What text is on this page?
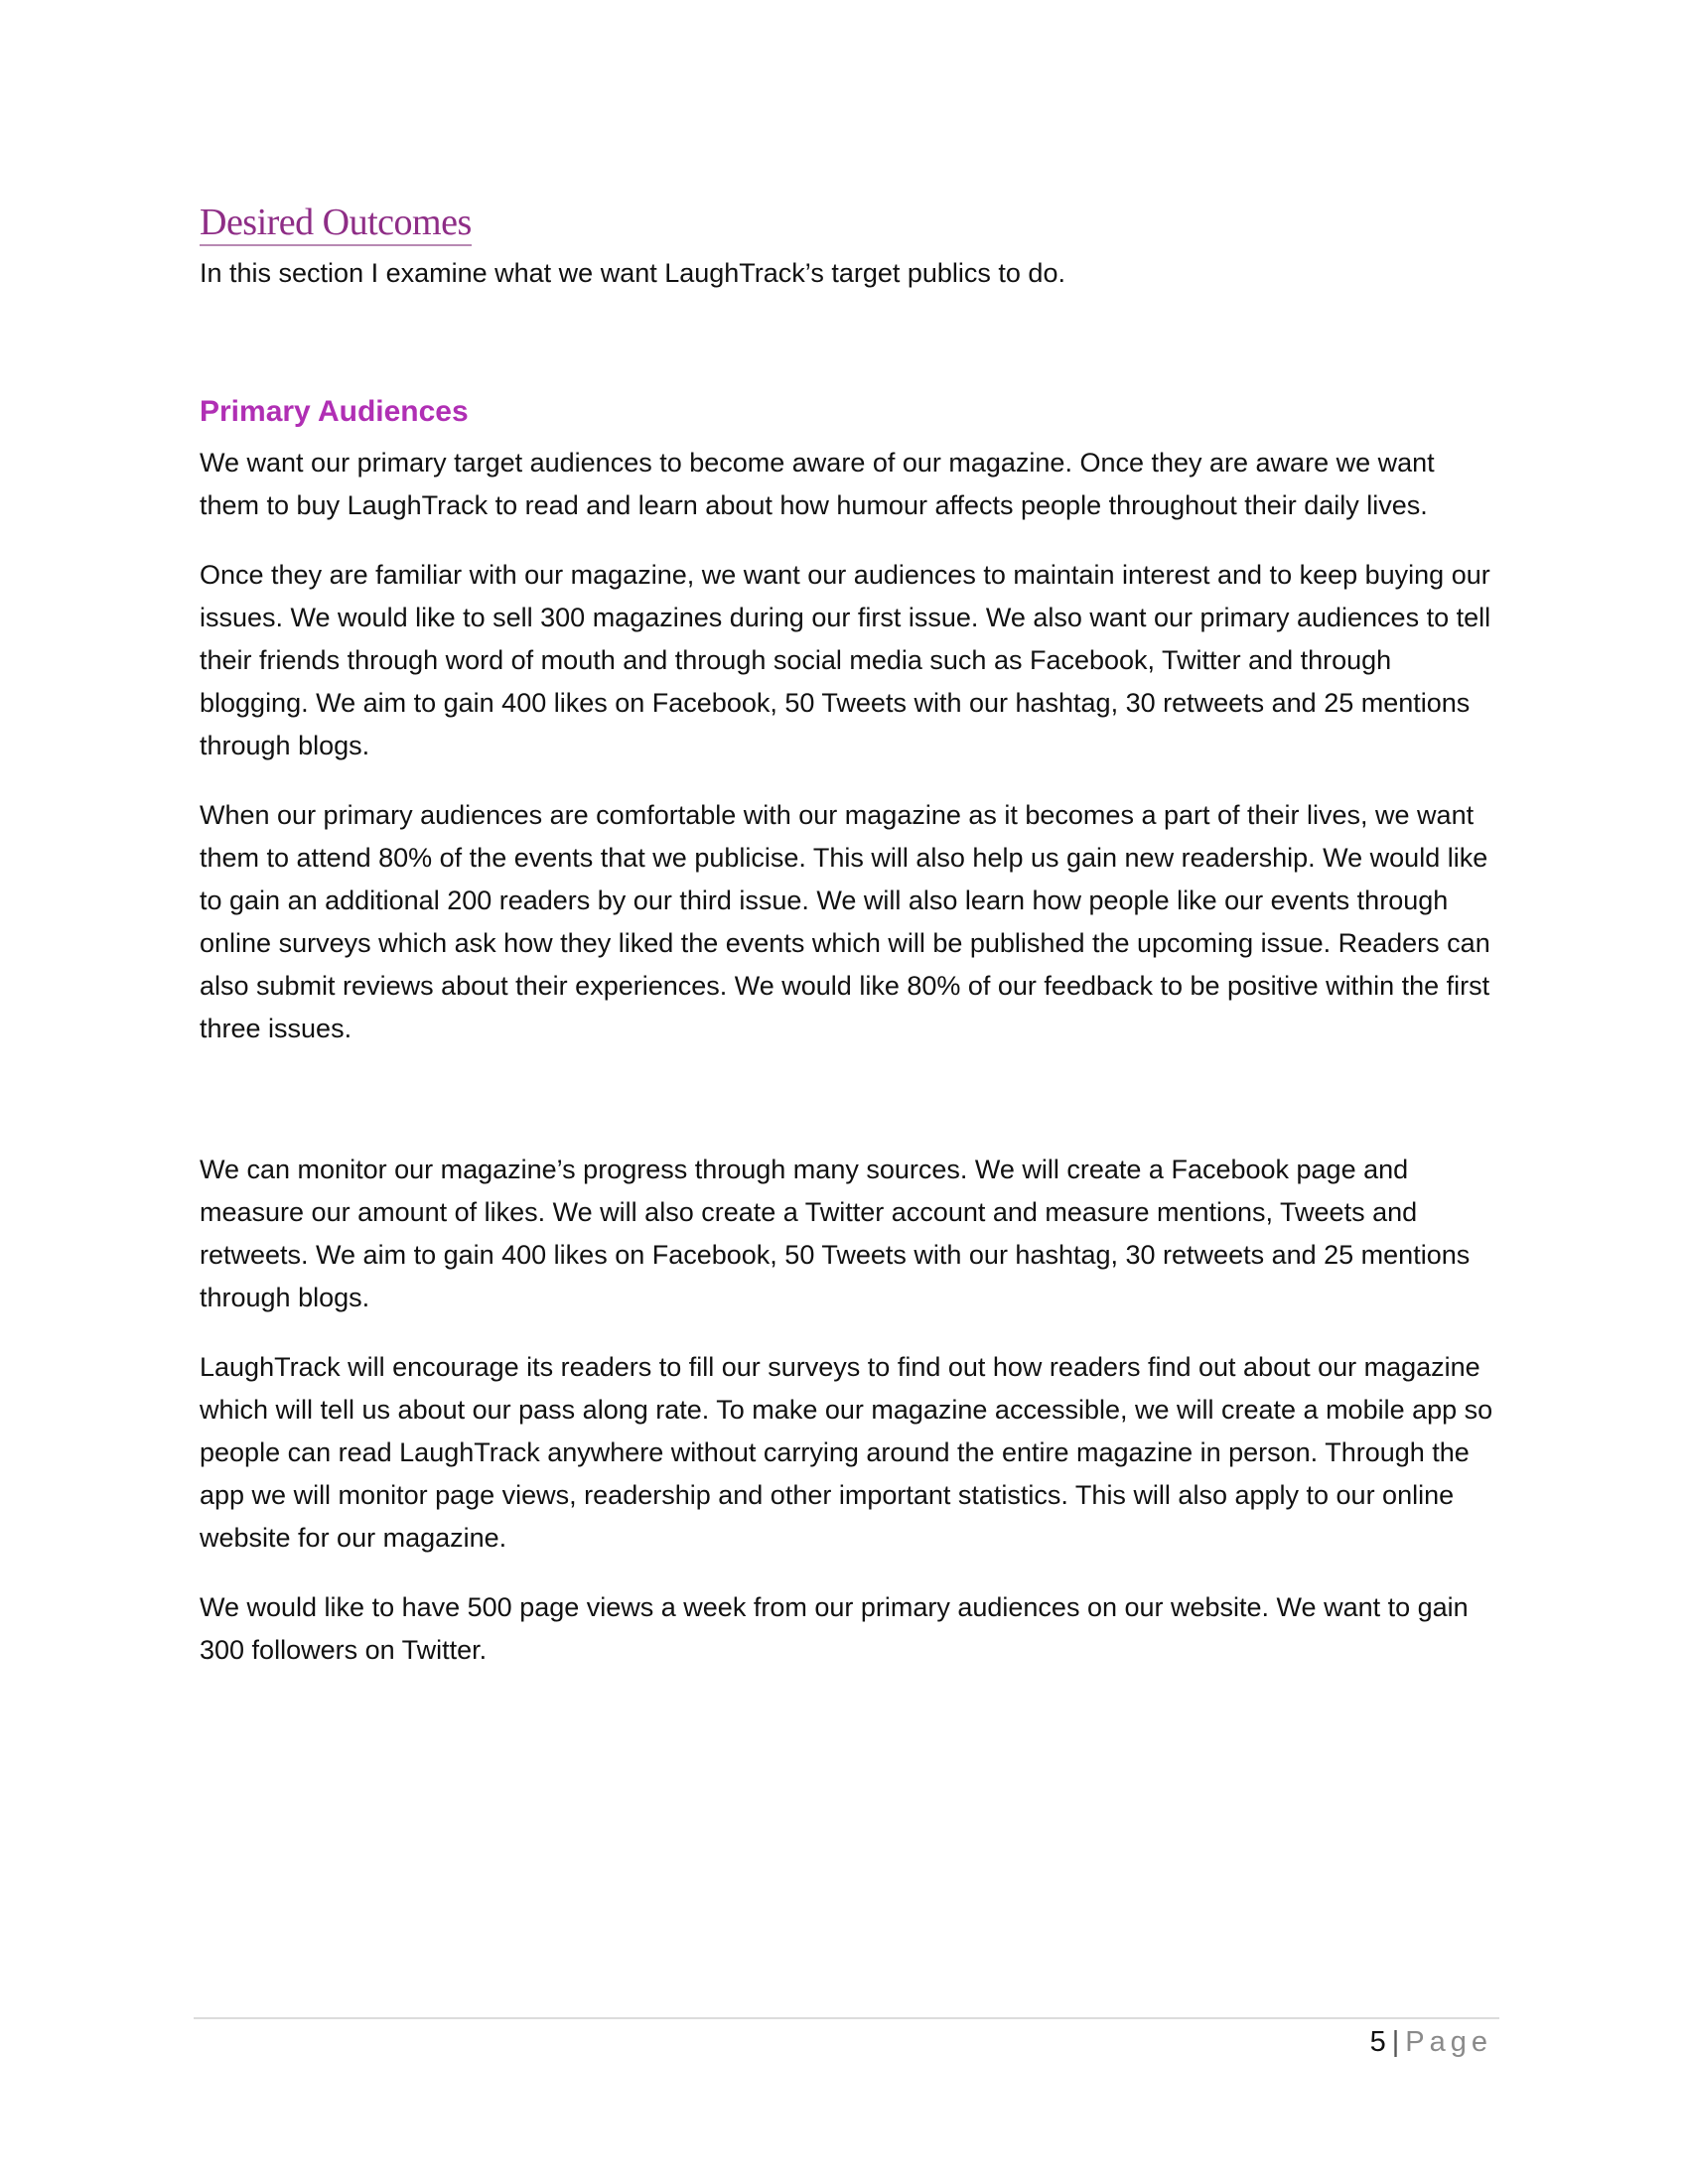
Desired Outcomes

In this section I examine what we want LaughTrack’s target publics to do.

Primary Audiences

We want our primary target audiences to become aware of our magazine. Once they are aware we want them to buy LaughTrack to read and learn about how humour affects people throughout their daily lives.

Once they are familiar with our magazine, we want our audiences to maintain interest and to keep buying our issues. We would like to sell 300 magazines during our first issue. We also want our primary audiences to tell their friends through word of mouth and through social media such as Facebook, Twitter and through blogging. We aim to gain 400 likes on Facebook, 50 Tweets with our hashtag, 30 retweets and 25 mentions through blogs.

When our primary audiences are comfortable with our magazine as it becomes a part of their lives, we want them to attend 80% of the events that we publicise. This will also help us gain new readership. We would like to gain an additional 200 readers by our third issue. We will also learn how people like our events through online surveys which ask how they liked the events which will be published the upcoming issue. Readers can also submit reviews about their experiences. We would like 80% of our feedback to be positive within the first three issues.

We can monitor our magazine’s progress through many sources. We will create a Facebook page and measure our amount of likes. We will also create a Twitter account and measure mentions, Tweets and retweets. We aim to gain 400 likes on Facebook, 50 Tweets with our hashtag, 30 retweets and 25 mentions through blogs.

LaughTrack will encourage its readers to fill our surveys to find out how readers find out about our magazine which will tell us about our pass along rate. To make our magazine accessible, we will create a mobile app so people can read LaughTrack anywhere without carrying around the entire magazine in person. Through the app we will monitor page views, readership and other important statistics. This will also apply to our online website for our magazine.

We would like to have 500 page views a week from our primary audiences on our website. We want to gain 300 followers on Twitter.

5 | Page
